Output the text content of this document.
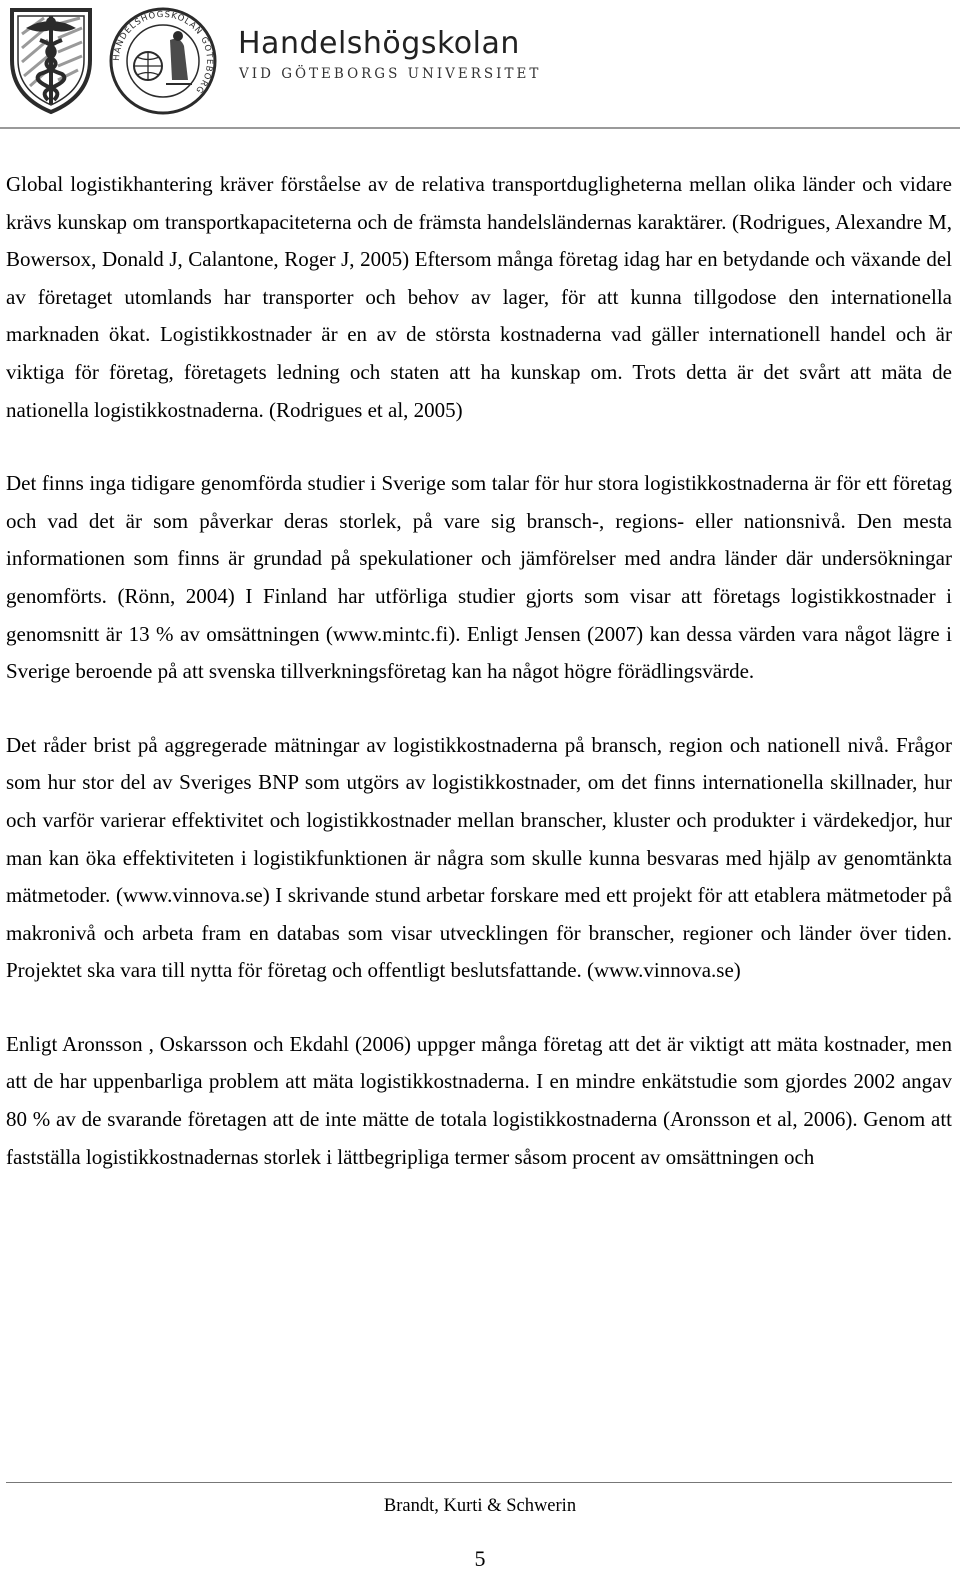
HANDELSHÖGSKOLAN GÖTEBORG
Handelshögskolan
VID GÖTEBORGS UNIVERSITET

Global logistikhantering kräver förståelse av de relativa transportdugligheterna mellan olika länder och vidare krävs kunskap om transportkapaciteterna och de främsta handelsländernas karaktärer. (Rodrigues, Alexandre M, Bowersox, Donald J, Calantone, Roger J, 2005) Eftersom många företag idag har en betydande och växande del av företaget utomlands har transporter och behov av lager, för att kunna tillgodose den internationella marknaden ökat. Logistikkostnader är en av de största kostnaderna vad gäller internationell handel och är viktiga för företag, företagets ledning och staten att ha kunskap om. Trots detta är det svårt att mäta de nationella logistikkostnaderna. (Rodrigues et al, 2005)

Det finns inga tidigare genomförda studier i Sverige som talar för hur stora logistikkostnaderna är för ett företag och vad det är som påverkar deras storlek, på vare sig bransch-, regions- eller nationsnivå. Den mesta informationen som finns är grundad på spekulationer och jämförelser med andra länder där undersökningar genomförts. (Rönn, 2004) I Finland har utförliga studier gjorts som visar att företags logistikkostnader i genomsnitt är 13 % av omsättningen (www.mintc.fi). Enligt Jensen (2007) kan dessa värden vara något lägre i Sverige beroende på att svenska tillverkningsföretag kan ha något högre förädlingsvärde.

Det råder brist på aggregerade mätningar av logistikkostnaderna på bransch, region och nationell nivå. Frågor som hur stor del av Sveriges BNP som utgörs av logistikkostnader, om det finns internationella skillnader, hur och varför varierar effektivitet och logistikkostnader mellan branscher, kluster och produkter i värdekedjor, hur man kan öka effektiviteten i logistikfunktionen är några som skulle kunna besvaras med hjälp av genomtänkta mätmetoder. (www.vinnova.se) I skrivande stund arbetar forskare med ett projekt för att etablera mätmetoder på makronivå och arbeta fram en databas som visar utvecklingen för branscher, regioner och länder över tiden. Projektet ska vara till nytta för företag och offentligt beslutsfattande. (www.vinnova.se)

Enligt Aronsson , Oskarsson och Ekdahl (2006) uppger många företag att det är viktigt att mäta kostnader, men att de har uppenbarliga problem att mäta logistikkostnaderna. I en mindre enkätstudie som gjordes 2002 angav 80 % av de svarande företagen att de inte mätte de totala logistikkostnaderna (Aronsson et al, 2006). Genom att fastställa logistikkostnadernas storlek i lättbegripliga termer såsom procent av omsättningen och

Brandt, Kurti & Schwerin
5
